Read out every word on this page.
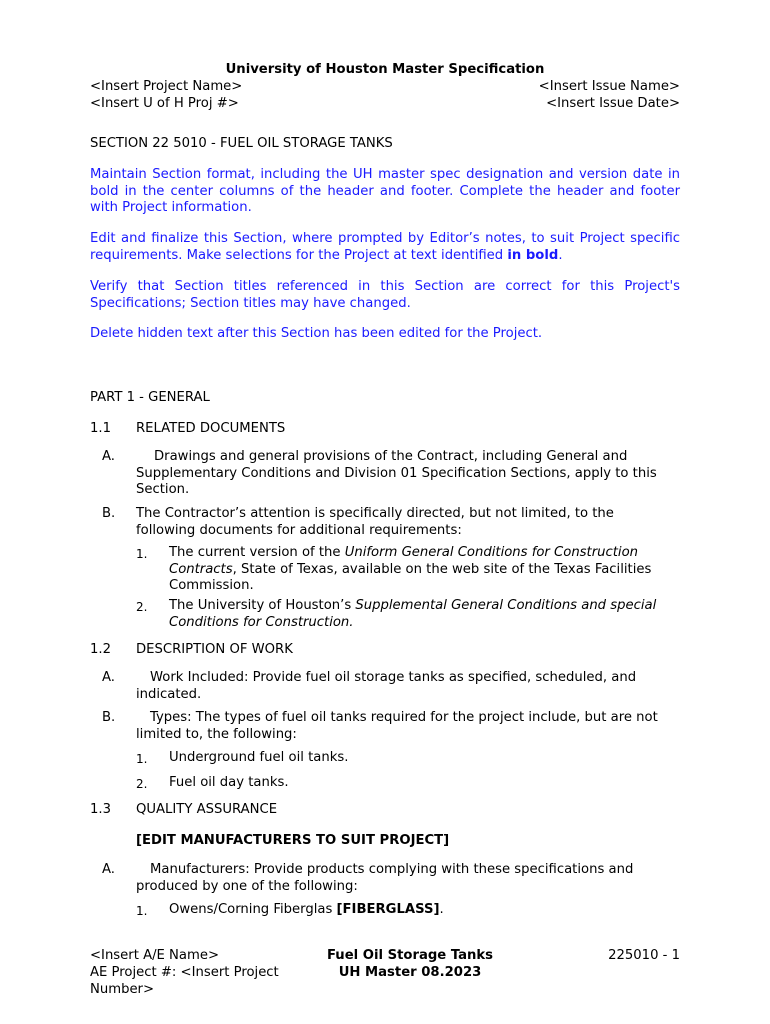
University of Houston Master Specification
<Insert Project Name>	<Insert Issue Name>
<Insert U of H Proj #>	<Insert Issue Date>
SECTION 22 5010 - FUEL OIL STORAGE TANKS
Maintain Section format, including the UH master spec designation and version date in bold in the center columns of the header and footer. Complete the header and footer with Project information.
Edit and finalize this Section, where prompted by Editor’s notes, to suit Project specific requirements. Make selections for the Project at text identified in bold.
Verify that Section titles referenced in this Section are correct for this Project's Specifications; Section titles may have changed.
Delete hidden text after this Section has been edited for the Project.
PART 1 - GENERAL
1.1 RELATED DOCUMENTS
A.	Drawings and general provisions of the Contract, including General and Supplementary Conditions and Division 01 Specification Sections, apply to this Section.
B. The Contractor’s attention is specifically directed, but not limited, to the following documents for additional requirements:
1. The current version of the Uniform General Conditions for Construction Contracts, State of Texas, available on the web site of the Texas Facilities Commission.
2. The University of Houston’s Supplemental General Conditions and special Conditions for Construction.
1.2 DESCRIPTION OF WORK
A.	Work Included: Provide fuel oil storage tanks as specified, scheduled, and indicated.
B.	Types: The types of fuel oil tanks required for the project include, but are not limited to, the following:
1. Underground fuel oil tanks.
2. Fuel oil day tanks.
1.3 QUALITY ASSURANCE
[EDIT MANUFACTURERS TO SUIT PROJECT]
A.	Manufacturers: Provide products complying with these specifications and produced by one of the following:
1. Owens/Corning Fiberglas [FIBERGLASS].
<Insert A/E Name>
AE Project #: <Insert Project Number>
Fuel Oil Storage Tanks
UH Master 08.2023
225010 - 1
